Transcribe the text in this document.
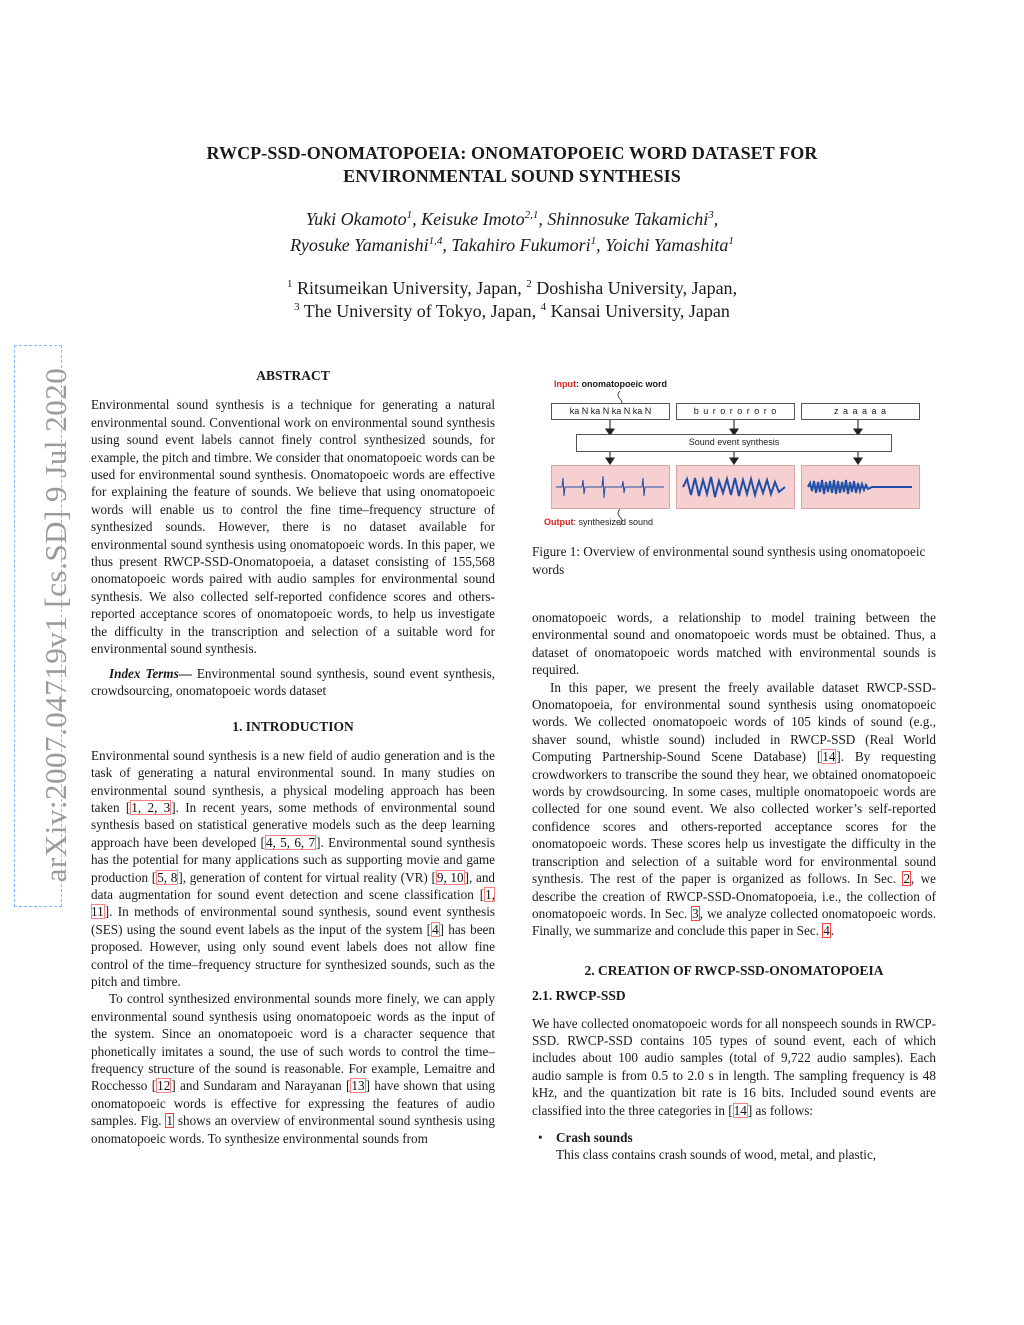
RWCP-SSD-ONOMATOPOEIA: ONOMATOPOEIC WORD DATASET FOR
ENVIRONMENTAL SOUND SYNTHESIS
Yuki Okamoto$^1$, Keisuke Imoto$^{2,1}$, Shinnosuke Takamichi$^3$,
Ryosuke Yamanishi$^{1,4}$, Takahiro Fukumori$^1$, Yoichi Yamashita$^1$
$^1$ Ritsumeikan University, Japan, $^2$ Doshisha University, Japan,
$^3$ The University of Tokyo, Japan, $^4$ Kansai University, Japan
arXiv:2007.04719v1 [cs.SD] 9 Jul 2020	ABSTRACT

Environmental sound synthesis is a technique for generating a natural environmental sound. Conventional work on environmental sound synthesis using sound event labels cannot finely control synthesized sounds, for example, the pitch and timbre. We consider that onomatopoeic words can be used for environmental sound synthesis. Onomatopoeic words are effective for explaining the feature of sounds. We believe that using onomatopoeic words will enable us to control the fine time–frequency structure of synthesized sounds. However, there is no dataset available for environmental sound synthesis using onomatopoeic words. In this paper, we thus present RWCP-SSD-Onomatopoeia, a dataset consisting of 155,568 onomatopoeic words paired with audio samples for environmental sound synthesis. We also collected self-reported confidence scores and others-reported acceptance scores of onomatopoeic words, to help us investigate the difficulty in the transcription and selection of a suitable word for environmental sound synthesis.

Index Terms— Environmental sound synthesis, sound event synthesis, crowdsourcing, onomatopoeic words dataset

1. INTRODUCTION

Environmental sound synthesis is a new field of audio generation and is the task of generating a natural environmental sound. In many studies on environmental sound synthesis, a physical modeling approach has been taken [1, 2, 3]. In recent years, some methods of environmental sound synthesis based on statistical generative models such as the deep learning approach have been developed [4, 5, 6, 7]. Environmental sound synthesis has the potential for many applications such as supporting movie and game production [5, 8], generation of content for virtual reality (VR) [9, 10], and data augmentation for sound event detection and scene classification [1, 11]. In methods of environmental sound synthesis, sound event synthesis (SES) using the sound event labels as the input of the system [4] has been proposed. However, using only sound event labels does not allow fine control of the time–frequency structure for synthesized sounds, such as the pitch and timbre.

To control synthesized environmental sounds more finely, we can apply environmental sound synthesis using onomatopoeic words as the input of the system. Since an onomatopoeic word is a character sequence that phonetically imitates a sound, the use of such words to control the time–frequency structure of the sound is reasonable. For example, Lemaitre and Rocchesso [12] and Sundaram and Narayanan [13] have shown that using onomatopoeic words is effective for expressing the features of audio samples. Fig. 1 shows an overview of environmental sound synthesis using onomatopoeic words. To synthesize environmental sounds from

Input: onomatopoeic word
ka N ka N ka N ka N	b u r o r o r o r o	z a a a a a
Sound event synthesis
Output: synthesized sound
Figure 1: Overview of environmental sound synthesis using onomatopoeic words

onomatopoeic words, a relationship to model training between the environmental sound and onomatopoeic words must be obtained. Thus, a dataset of onomatopoeic words matched with environmental sounds is required.

In this paper, we present the freely available dataset RWCP-SSD-Onomatopoeia, for environmental sound synthesis using onomatopoeic words. We collected onomatopoeic words of 105 kinds of sound (e.g., shaver sound, whistle sound) included in RWCP-SSD (Real World Computing Partnership-Sound Scene Database) [14]. By requesting crowdworkers to transcribe the sound they hear, we obtained onomatopoeic words by crowdsourcing. In some cases, multiple onomatopoeic words are collected for one sound event. We also collected worker’s self-reported confidence scores and others-reported acceptance scores for the onomatopoeic words. These scores help us investigate the difficulty in the transcription and selection of a suitable word for environmental sound synthesis. The rest of the paper is organized as follows. In Sec. 2, we describe the creation of RWCP-SSD-Onomatopoeia, i.e., the collection of onomatopoeic words. In Sec. 3, we analyze collected onomatopoeic words. Finally, we summarize and conclude this paper in Sec. 4.

2. CREATION OF RWCP-SSD-ONOMATOPOEIA
2.1. RWCP-SSD

We have collected onomatopoeic words for all nonspeech sounds in RWCP-SSD. RWCP-SSD contains 105 types of sound event, each of which includes about 100 audio samples (total of 9,722 audio samples). Each audio sample is from 0.5 to 2.0 s in length. The sampling frequency is 48 kHz, and the quantization bit rate is 16 bits. Included sound events are classified into the three categories in [14] as follows:

• Crash sounds
This class contains crash sounds of wood, metal, and plastic,
